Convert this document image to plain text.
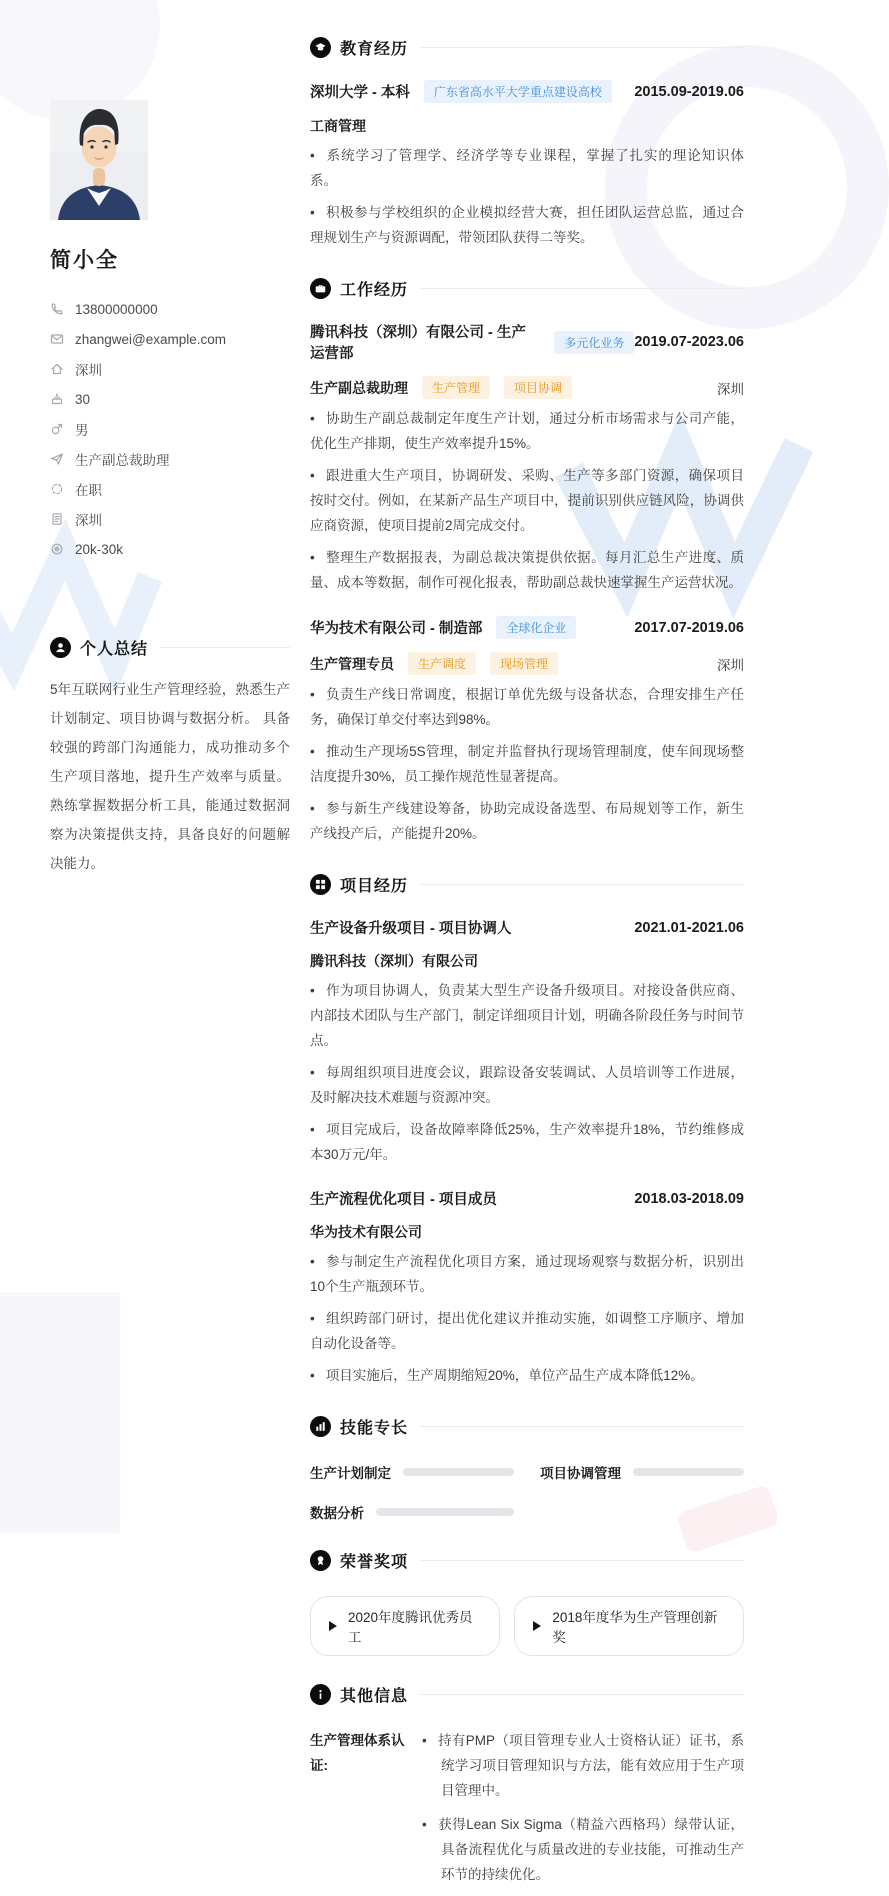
简小全
13800000000
zhangwei@example.com
深圳
30
男
生产副总裁助理
在职
深圳
20k-30k
个人总结
5年互联网行业生产管理经验，熟悉生产计划制定、项目协调与数据分析。 具备较强的跨部门沟通能力，成功推动多个生产项目落地，提升生产效率与质量。 熟练掌握数据分析工具，能通过数据洞察为决策提供支持，具备良好的问题解决能力。
教育经历
深圳大学 - 本科	广东省高水平大学重点建设高校	2015.09-2019.06
工商管理
• 系统学习了管理学、经济学等专业课程，掌握了扎实的理论知识体系。
• 积极参与学校组织的企业模拟经营大赛，担任团队运营总监，通过合理规划生产与资源调配，带领团队获得二等奖。
工作经历
腾讯科技（深圳）有限公司 - 生产运营部
多元化业务 2019.07-2023.06
生产副总裁助理	生产管理	项目协调	深圳
• 协助生产副总裁制定年度生产计划，通过分析市场需求与公司产能，优化生产排期，使生产效率提升15%。
• 跟进重大生产项目，协调研发、采购、生产等多部门资源，确保项目按时交付。例如，在某新产品生产项目中，提前识别供应链风险，协调供应商资源，使项目提前2周完成交付。
• 整理生产数据报表，为副总裁决策提供依据。每月汇总生产进度、质量、成本等数据，制作可视化报表，帮助副总裁快速掌握生产运营状况。
华为技术有限公司 - 制造部	全球化企业	2017.07-2019.06
生产管理专员	生产调度	现场管理	深圳
• 负责生产线日常调度，根据订单优先级与设备状态，合理安排生产任务，确保订单交付率达到98%。
• 推动生产现场5S管理，制定并监督执行现场管理制度，使车间现场整洁度提升30%，员工操作规范性显著提高。
• 参与新生产线建设筹备，协助完成设备选型、布局规划等工作，新生产线投产后，产能提升20%。
项目经历
生产设备升级项目 - 项目协调人	2021.01-2021.06
腾讯科技（深圳）有限公司
• 作为项目协调人，负责某大型生产设备升级项目。对接设备供应商、内部技术团队与生产部门，制定详细项目计划，明确各阶段任务与时间节点。
• 每周组织项目进度会议，跟踪设备安装调试、人员培训等工作进展，及时解决技术难题与资源冲突。
• 项目完成后，设备故障率降低25%，生产效率提升18%，节约维修成本30万元/年。
生产流程优化项目 - 项目成员	2018.03-2018.09
华为技术有限公司
• 参与制定生产流程优化项目方案，通过现场观察与数据分析，识别出10个生产瓶颈环节。
• 组织跨部门研讨，提出优化建议并推动实施，如调整工序顺序、增加自动化设备等。
• 项目实施后，生产周期缩短20%，单位产品生产成本降低12%。
技能专长
生产计划制定	项目协调管理
数据分析
荣誉奖项
2020年度腾讯优秀员工
2018年度华为生产管理创新奖
其他信息
生产管理体系认证:
• 持有PMP（项目管理专业人士资格认证）证书，系统学习项目管理知识与方法，能有效应用于生产项目管理中。
• 获得Lean Six Sigma（精益六西格玛）绿带认证，具备流程优化与质量改进的专业技能，可推动生产环节的持续优化。
